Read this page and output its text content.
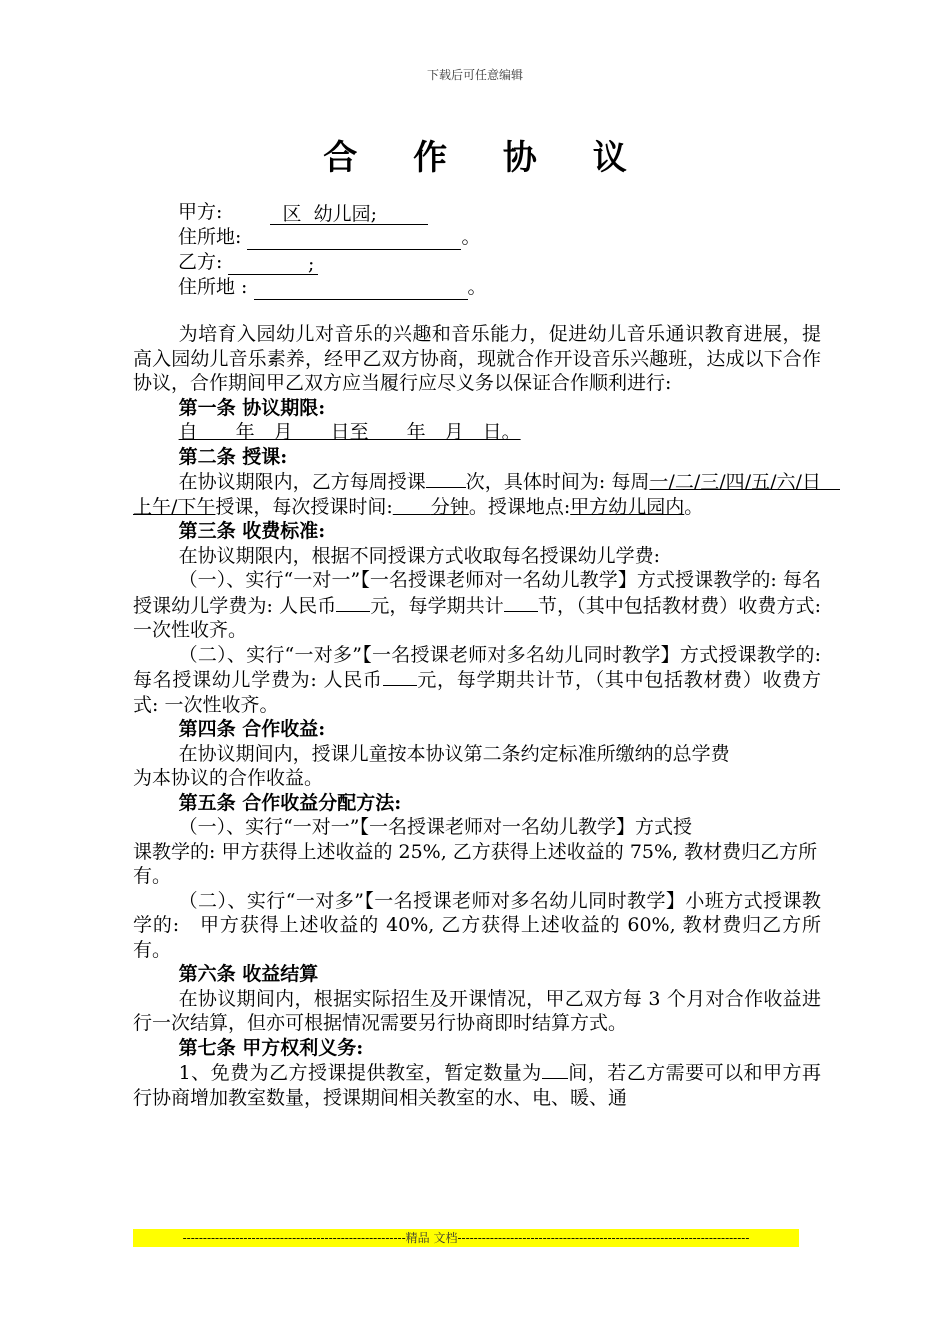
下载后可任意编辑
合 作 协 议
甲方:	区  幼儿园;
住所地:	。
乙方:	;
住所地 :	。
为培育入园幼儿对音乐的兴趣和音乐能力，促进幼儿音乐通识教育进展，提高入园幼儿音乐素养，经甲乙双方协商，现就合作开设音乐兴趣班，达成以下合作协议，合作期间甲乙双方应当履行应尽义务以保证合作顺利进行:
第一条 协议期限:
自　　年　月　　日至　　年　月　日。
第二条 授课:
在协议期限内，乙方每周授课 次，具体时间为: 每周一/二/三/四/五/六/日　上午/下午授课，每次授课时间:　　 分钟。授课地点:甲方幼儿园内。
第三条 收费标准:
在协议期限内，根据不同授课方式收取每名授课幼儿学费:
（一）、实行“一对一”【一名授课老师对一名幼儿教学】方式授课教学的: 每名授课幼儿学费为: 人民币 元，每学期共计 节，（其中包括教材费）收费方式: 一次性收齐。
（二）、实行“一对多”【一名授课老师对多名幼儿同时教学】方式授课教学的: 每名授课幼儿学费为: 人民币 元，每学期共计节，（其中包括教材费）收费方式: 一次性收齐。
第四条 合作收益:
在协议期间内，授课儿童按本协议第二条约定标准所缴纳的总学费
为本协议的合作收益。
第五条 合作收益分配方法:
（一）、实行“一对一”【一名授课老师对一名幼儿教学】方式授
课教学的: 甲方获得上述收益的 25%, 乙方获得上述收益的 75%, 教材费归乙方所有。
（二）、实行“一对多”【一名授课老师对多名幼儿同时教学】小班方式授课教学的:　甲方获得上述收益的 40%, 乙方获得上述收益的 60%, 教材费归乙方所有。
第六条 收益结算
在协议期间内，根据实际招生及开课情况，甲乙双方每 3 个月对合作收益进行一次结算，但亦可根据情况需要另行协商即时结算方式。
第七条 甲方权利义务:
1、免费为乙方授课提供教室，暂定数量为 间，若乙方需要可以和甲方再行协商增加教室数量，授课期间相关教室的水、电、暖、通
-------------------------------------------------------精品 文档------------------------------------------------------------------------
